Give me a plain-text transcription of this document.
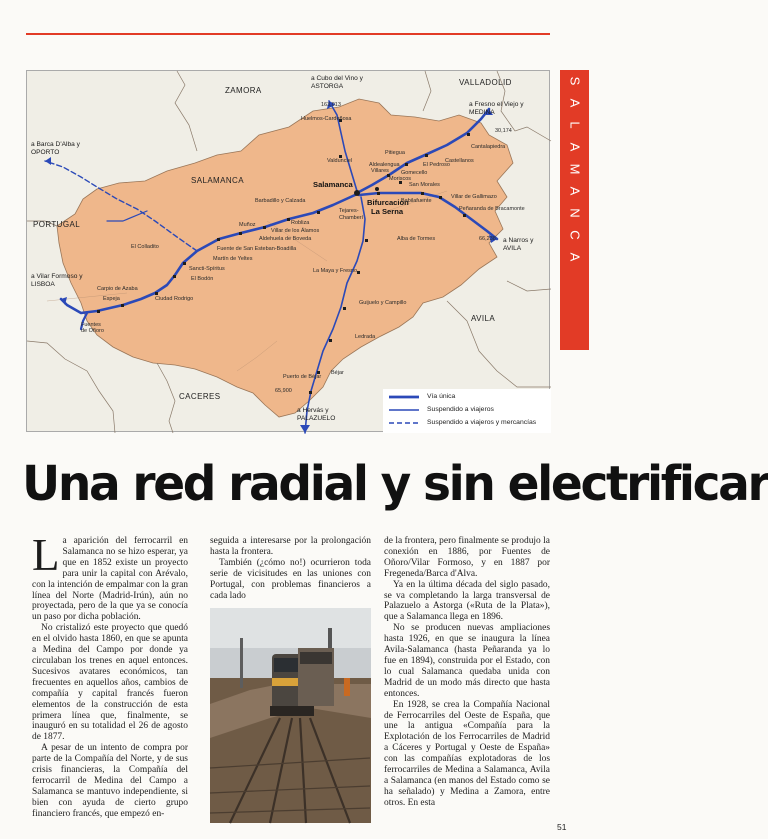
ZAMORA
VALLADOLID
SALAMANCA
PORTUGAL
AVILA
CACERES
a Cubo del Vino y
ASTORGA
a Fresno el Viejo y
MEDINA
a Barca D'Alba y
OPORTO
a Vilar Formoso y
LISBOA
a Narros y
AVILA
a Hervás y
PALAZUELO
163,013
30,174
66,238
65,900
Salamanca
Bifurcación
La Serna
Huelmos-Cardeñosa
Valdunciel
Pitiegua
El Pedroso
Cantalapiedra
Castellanos
Gomecello
Moriscos
Aldealengua
Villares
San Morales
Babilafuente
Villar de Gallimazo
Peñaranda de Bracamonte
Tejares-
Chamberí
Alba de Tormes
Barbadillo y Calzada
Muñoz	Robliza
Villar de los Álamos
Aldehuela de Boveda
El Colladito	Fuente de San Esteban-Boadilla
Martín de Yeltes
Sancti-Spíritus
El Bodón
Ciudad Rodrigo
Carpio de Azaba
Espeja
Fuentes
de Oñoro
La Maya y Fresno
Guijuelo y Campillo
Ledrada
Puerto de Béjar
Béjar
Vía única
Suspendido a viajeros
Suspendido a viajeros y mercancías
S
A
L
A
M
A
N
C
A
Una red radial y sin electrificar

La aparición del ferrocarril en Salamanca no se hizo esperar, ya que en 1852 existe un proyecto para unir la capital con Arévalo, con la intención de empalmar con la gran línea del Norte (Madrid-Irún), aún no proyectada, pero de la que ya se conocía un paso por dicha población.

No cristalizó este proyecto que quedó en el olvido hasta 1860, en que se apunta a Medina del Campo por donde ya circulaban los trenes en aquel entonces. Sucesivos avatares económicos, tan frecuentes en aquellos años, cambios de compañía y capital francés fueron elementos de la construcción de esta primera línea que, finalmente, se inauguró en su totalidad el 26 de agosto de 1877.

A pesar de un intento de compra por parte de la Compañía del Norte, y de sus crisis financieras, la Compañía del ferrocarril de Medina del Campo a Salamanca se mantuvo independiente, si bien con ayuda de cierto grupo financiero francés, que empezó en-

seguida a interesarse por la prolongación hasta la frontera.

También (¿cómo no!) ocurrieron toda serie de vicisitudes en las uniones con Portugal, con problemas financieros a cada lado

de la frontera, pero finalmente se produjo la conexión en 1886, por Fuentes de Oñoro/Vilar Formoso, y en 1887 por Fregeneda/Barca d'Alva.

Ya en la última década del siglo pasado, se va completando la larga transversal de Palazuelo a Astorga («Ruta de la Plata»), que a Salamanca llega en 1896.

No se producen nuevas ampliaciones hasta 1926, en que se inaugura la línea Avila-Salamanca (hasta Peñaranda ya lo fue en 1894), construida por el Estado, con lo cual Salamanca quedaba unida con Madrid de un modo más directo que hasta entonces.

En 1928, se crea la Compañía Nacional de Ferrocarriles del Oeste de España, que une la antigua «Compañía para la Explotación de los Ferrocarriles de Madrid a Cáceres y Portugal y Oeste de España» con las compañías explotadoras de los ferrocarriles de Medina a Salamanca, Avila a Salamanca (en manos del Estado como se ha señalado) y Medina a Zamora, entre otros. En esta

51
